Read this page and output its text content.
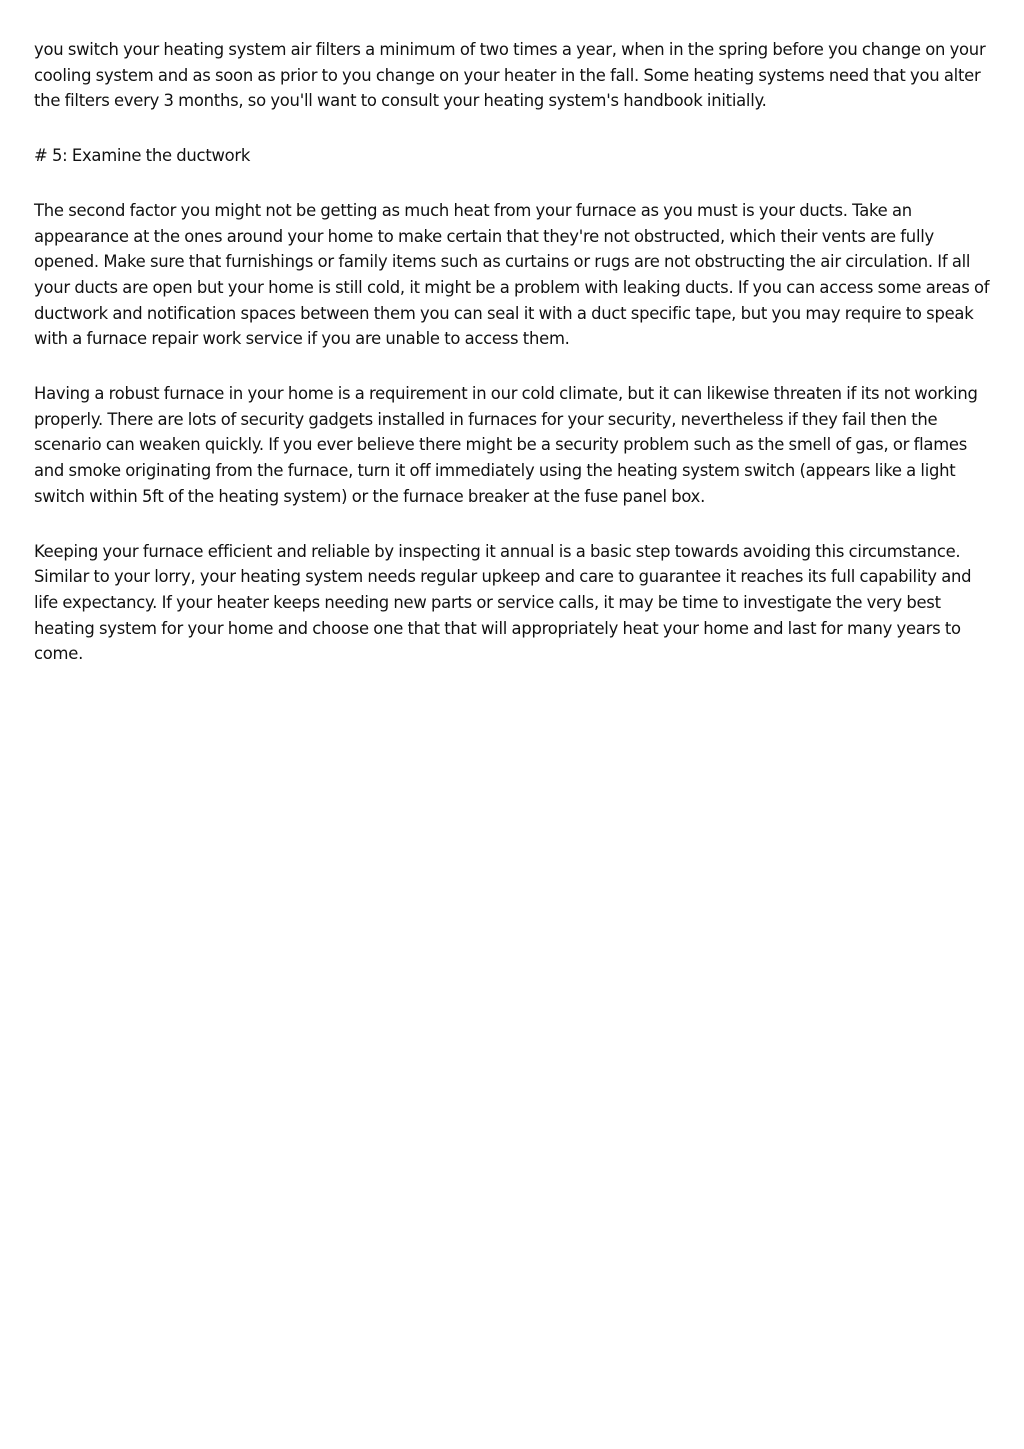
you switch your heating system air filters a minimum of two times a year, when in the spring before you change on your cooling system and as soon as prior to you change on your heater in the fall. Some heating systems need that you alter the filters every 3 months, so you'll want to consult your heating system's handbook initially.

# 5: Examine the ductwork

The second factor you might not be getting as much heat from your furnace as you must is your ducts. Take an appearance at the ones around your home to make certain that they're not obstructed, which their vents are fully opened. Make sure that furnishings or family items such as curtains or rugs are not obstructing the air circulation. If all your ducts are open but your home is still cold, it might be a problem with leaking ducts. If you can access some areas of ductwork and notification spaces between them you can seal it with a duct specific tape, but you may require to speak with a furnace repair work service if you are unable to access them.

Having a robust furnace in your home is a requirement in our cold climate, but it can likewise threaten if its not working properly. There are lots of security gadgets installed in furnaces for your security, nevertheless if they fail then the scenario can weaken quickly. If you ever believe there might be a security problem such as the smell of gas, or flames and smoke originating from the furnace, turn it off immediately using the heating system switch (appears like a light switch within 5ft of the heating system) or the furnace breaker at the fuse panel box.

Keeping your furnace efficient and reliable by inspecting it annual is a basic step towards avoiding this circumstance. Similar to your lorry, your heating system needs regular upkeep and care to guarantee it reaches its full capability and life expectancy. If your heater keeps needing new parts or service calls, it may be time to investigate the very best heating system for your home and choose one that that will appropriately heat your home and last for many years to come.
